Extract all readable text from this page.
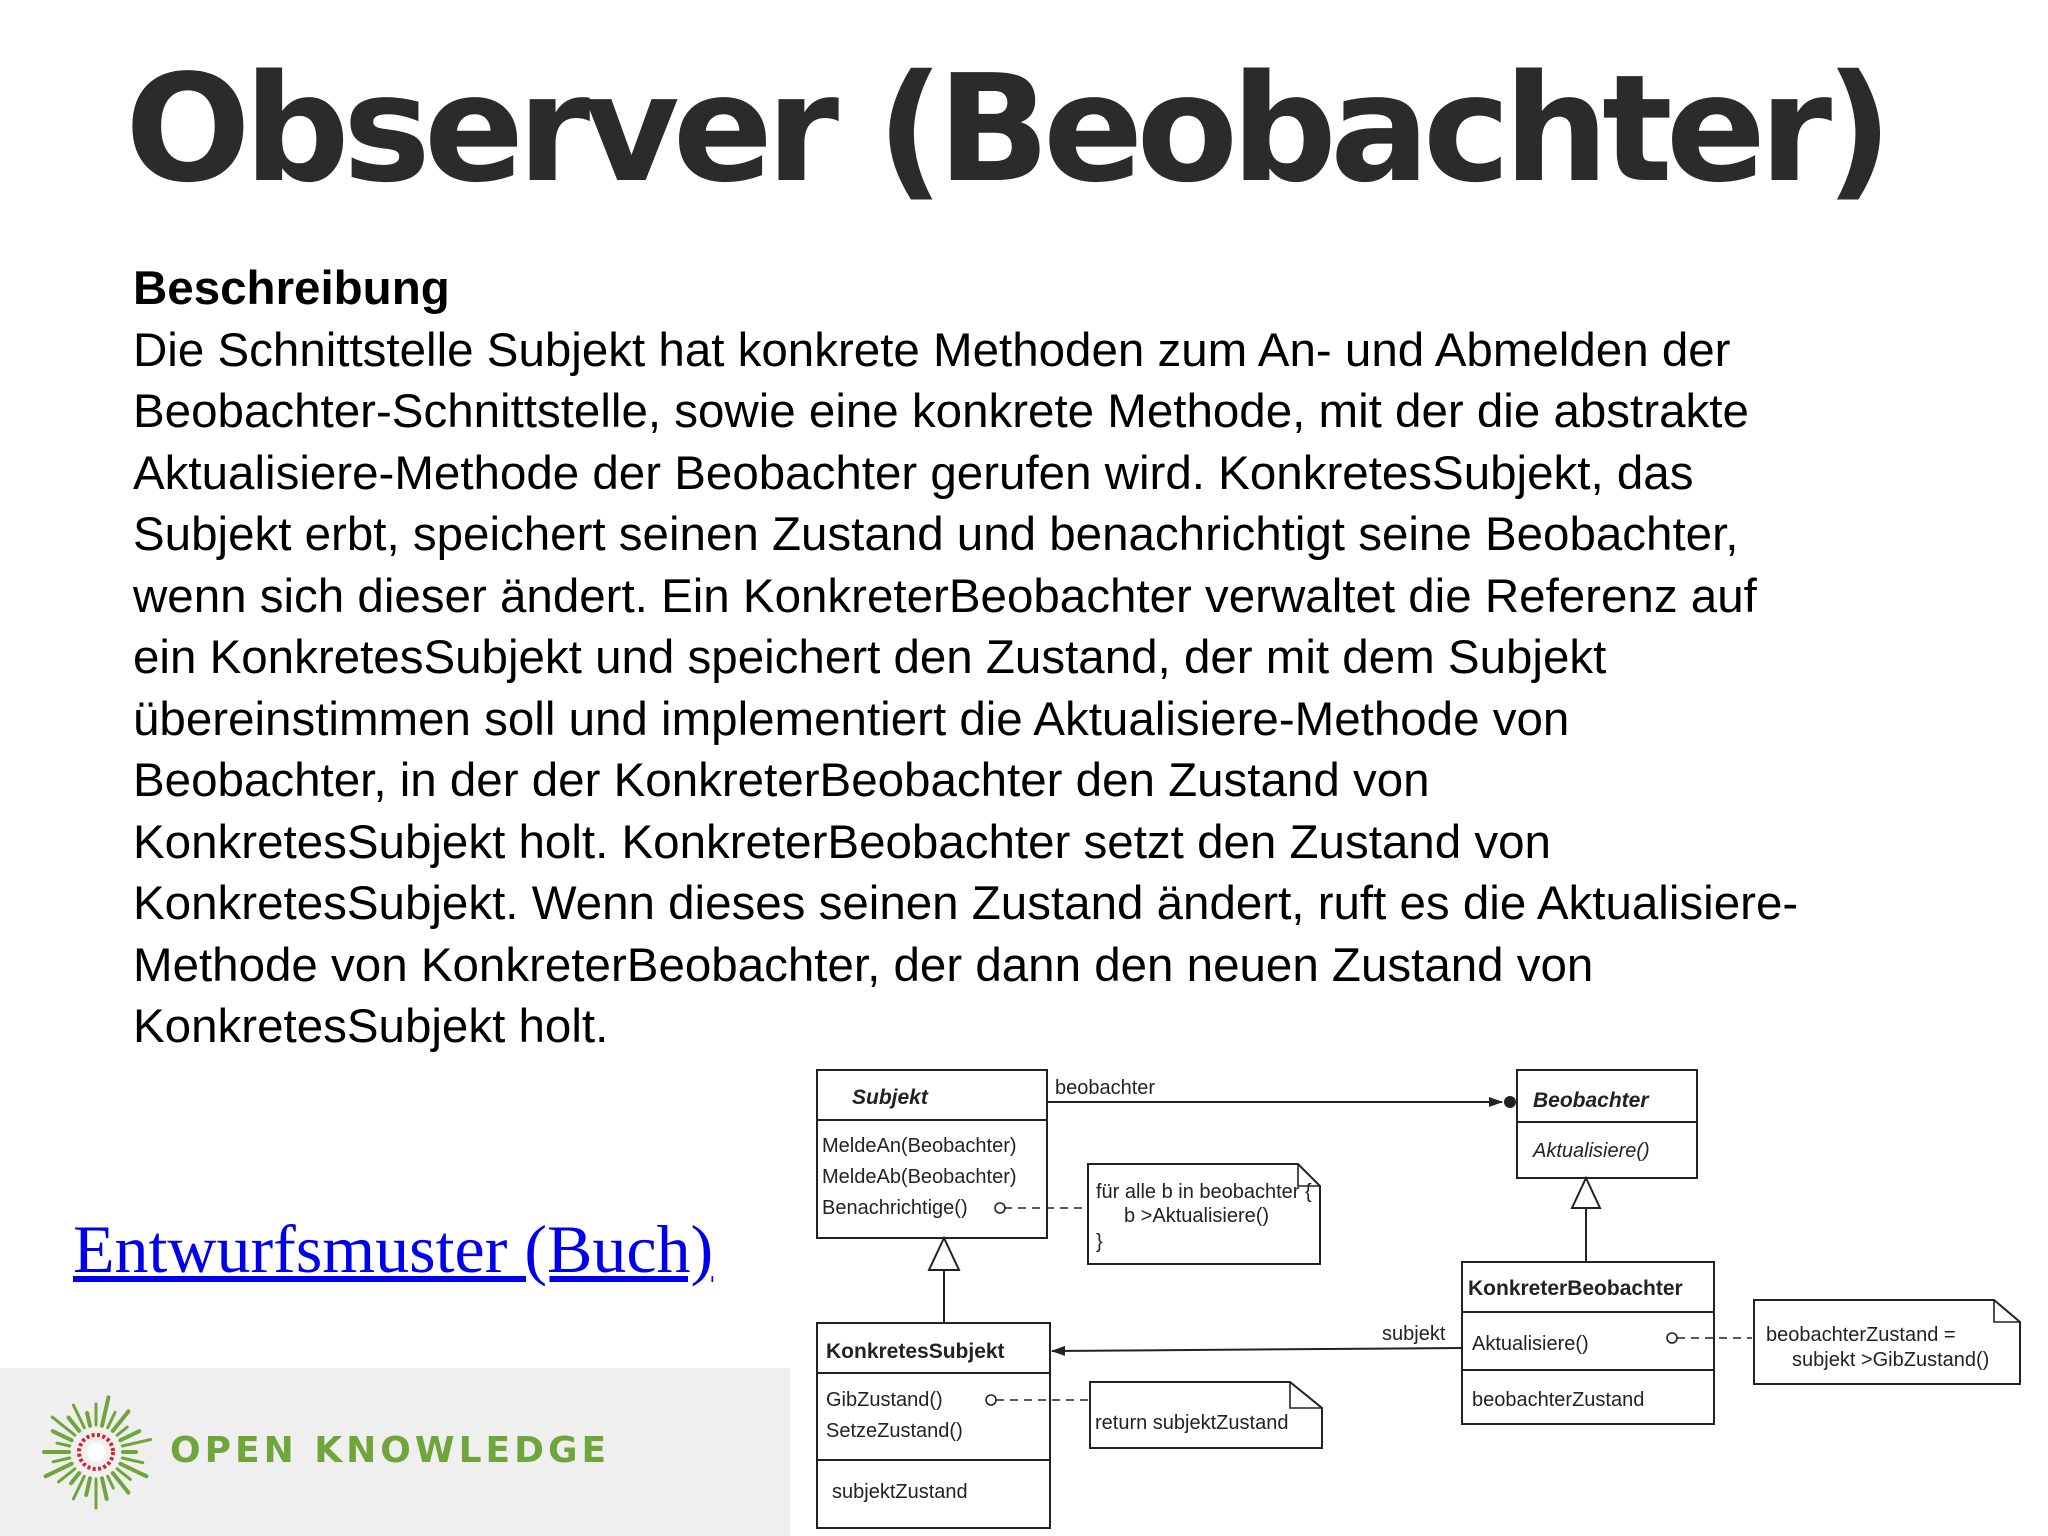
Observer (Beobachter)
Beschreibung

Die Schnittstelle Subjekt hat konkrete Methoden zum An- und Abmelden der

Beobachter-Schnittstelle, sowie eine konkrete Methode, mit der die abstrakte

Aktualisiere-Methode der Beobachter gerufen wird. KonkretesSubjekt, das

Subjekt erbt, speichert seinen Zustand und benachrichtigt seine Beobachter,

wenn sich dieser ändert. Ein KonkreterBeobachter verwaltet die Referenz auf

ein KonkretesSubjekt und speichert den Zustand, der mit dem Subjekt

übereinstimmen soll und implementiert die Aktualisiere-Methode von

Beobachter, in der der KonkreterBeobachter den Zustand von

KonkretesSubjekt holt. KonkreterBeobachter setzt den Zustand von

KonkretesSubjekt. Wenn dieses seinen Zustand ändert, ruft es die Aktualisiere-

Methode von KonkreterBeobachter, der dann den neuen Zustand von

KonkretesSubjekt holt.

Entwurfsmuster (Buch)
OPEN KNOWLEDGE
Subjekt
MeldeAn(Beobachter)
MeldeAb(Beobachter)
Benachrichtige()
Beobachter
Aktualisiere()
KonkretesSubjekt
GibZustand()
SetzeZustand()
subjektZustand
KonkreterBeobachter
Aktualisiere()
beobachterZustand
beobachter
subjekt
für alle b in beobachter {
b >Aktualisiere()
}
return subjektZustand
beobachterZustand =
subjekt >GibZustand()
